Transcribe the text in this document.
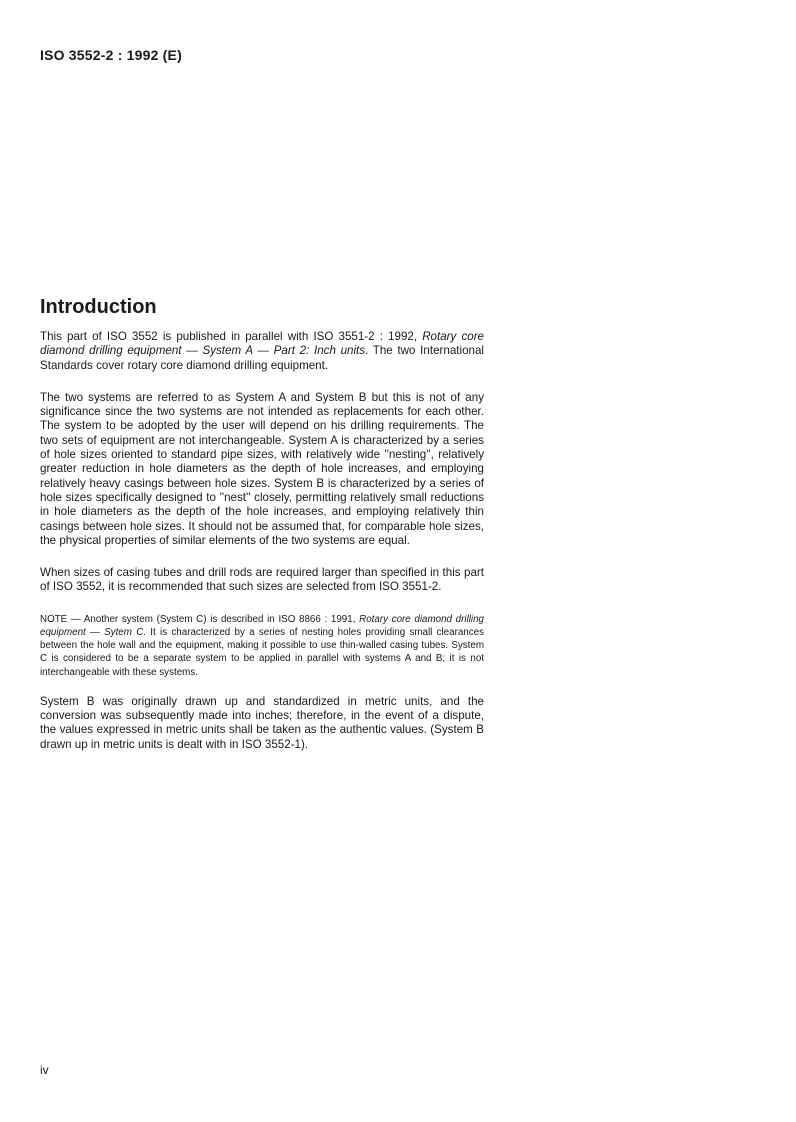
ISO 3552-2 : 1992 (E)
Introduction

This part of ISO 3552 is published in parallel with ISO 3551-2 : 1992, Rotary core diamond drilling equipment — System A — Part 2: Inch units. The two International Standards cover rotary core diamond drilling equipment.

The two systems are referred to as System A and System B but this is not of any significance since the two systems are not intended as replacements for each other. The system to be adopted by the user will depend on his drilling requirements. The two sets of equipment are not interchangeable. System A is characterized by a series of hole sizes oriented to standard pipe sizes, with relatively wide ''nesting'', relatively greater reduction in hole diameters as the depth of hole increases, and employing relatively heavy casings between hole sizes. System B is characterized by a series of hole sizes specifically designed to ''nest'' closely, permitting relatively small reductions in hole diameters as the depth of the hole increases, and employing relatively thin casings between hole sizes. It should not be assumed that, for comparable hole sizes, the physical properties of similar elements of the two systems are equal.

When sizes of casing tubes and drill rods are required larger than specified in this part of ISO 3552, it is recommended that such sizes are selected from ISO 3551-2.

NOTE — Another system (System C) is described in ISO 8866 : 1991, Rotary core diamond drilling equipment — Sytem C. It is characterized by a series of nesting holes providing small clearances between the hole wall and the equipment, making it possible to use thin-walled casing tubes. System C is considered to be a separate system to be applied in parallel with systems A and B; it is not interchangeable with these systems.

System B was originally drawn up and standardized in metric units, and the conversion was subsequently made into inches; therefore, in the event of a dispute, the values expressed in metric units shall be taken as the authentic values. (System B drawn up in metric units is dealt with in ISO 3552-1).

iv
